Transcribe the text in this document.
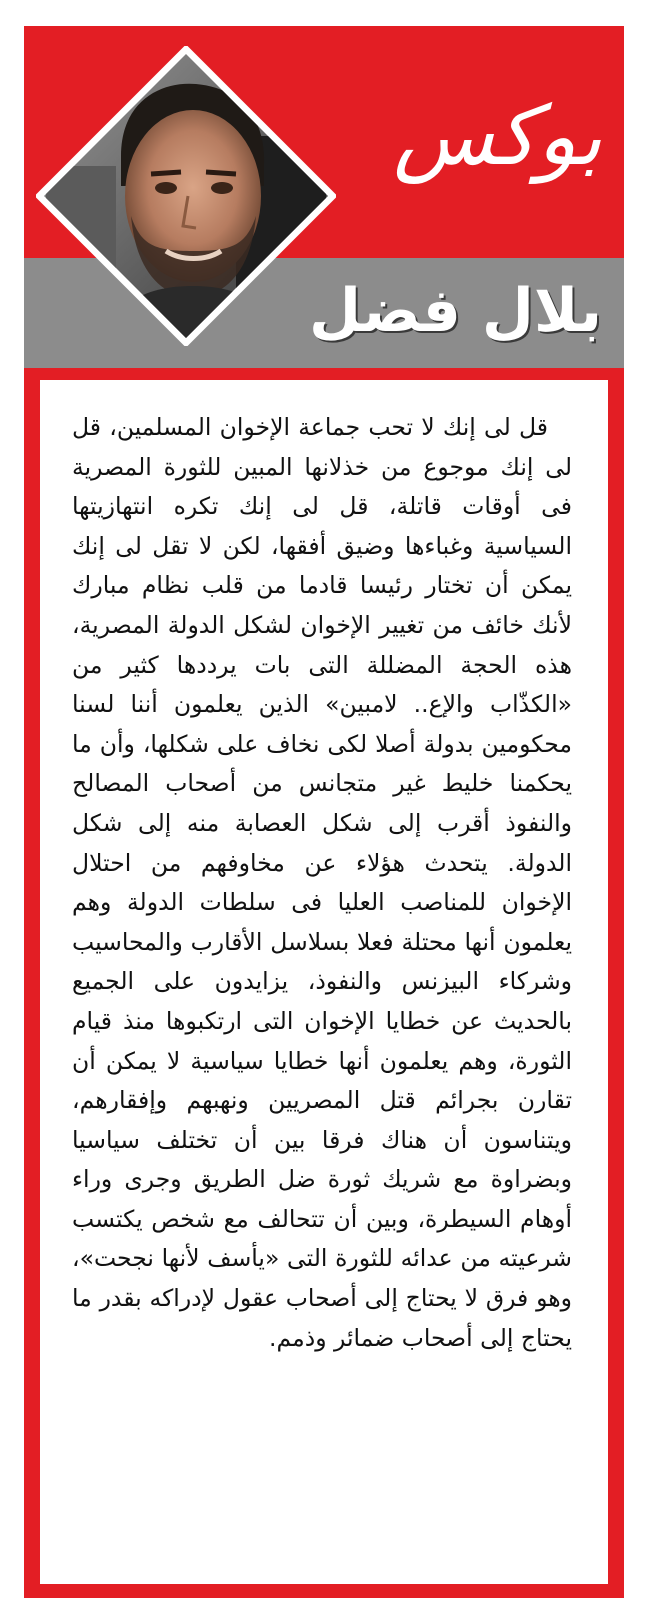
بوكس
بلال فضل
قل لى إنك لا تحب جماعة الإخوان المسلمين، قل لى إنك موجوع من خذلانها المبين للثورة المصرية فى أوقات قاتلة، قل لى إنك تكره انتهازيتها السياسية وغباءها وضيق أفقها، لكن لا تقل لى إنك يمكن أن تختار رئيسا قادما من قلب نظام مبارك لأنك خائف من تغيير الإخوان لشكل الدولة المصرية، هذه الحجة المضللة التى بات يرددها كثير من «الكذّاب والإع.. لامبين» الذين يعلمون أننا لسنا محكومين بدولة أصلا لكى نخاف على شكلها، وأن ما يحكمنا خليط غير متجانس من أصحاب المصالح والنفوذ أقرب إلى شكل العصابة منه إلى شكل الدولة. يتحدث هؤلاء عن مخاوفهم من احتلال الإخوان للمناصب العليا فى سلطات الدولة وهم يعلمون أنها محتلة فعلا بسلاسل الأقارب والمحاسيب وشركاء البيزنس والنفوذ، يزايدون على الجميع بالحديث عن خطايا الإخوان التى ارتكبوها منذ قيام الثورة، وهم يعلمون أنها خطايا سياسية لا يمكن أن تقارن بجرائم قتل المصريين ونهبهم وإفقارهم، ويتناسون أن هناك فرقا بين أن تختلف سياسيا وبضراوة مع شريك ثورة ضل الطريق وجرى وراء أوهام السيطرة، وبين أن تتحالف مع شخص يكتسب شرعيته من عدائه للثورة التى «يأسف لأنها نجحت»، وهو فرق لا يحتاج إلى أصحاب عقول لإدراكه بقدر ما يحتاج إلى أصحاب ضمائر وذمم.
